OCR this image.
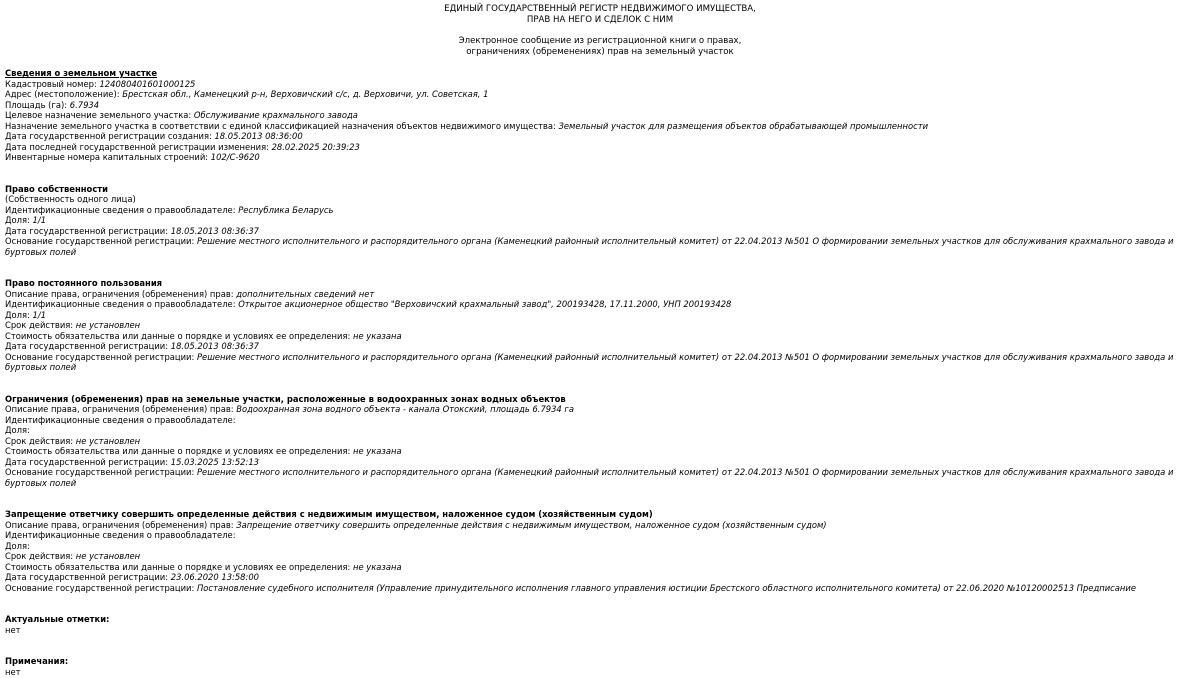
ЕДИНЫЙ ГОСУДАРСТВЕННЫЙ РЕГИСТР НЕДВИЖИМОГО ИМУЩЕСТВА,
ПРАВ НА НЕГО И СДЕЛОК С НИМ
Электронное сообщение из регистрационной книги о правах,
ограничениях (обременениях) прав на земельный участок
Сведения о земельном участке
Кадастровый номер: 124080401601000125
Адрес (местоположение): Брестская обл., Каменецкий р-н, Верховичский с/с, д. Верховичи, ул. Советская, 1
Площадь (га): 6.7934
Целевое назначение земельного участка: Обслуживание крахмального завода
Назначение земельного участка в соответствии с единой классификацией назначения объектов недвижимого имущества: Земельный участок для размещения объектов обрабатывающей промышленности
Дата государственной регистрации создания: 18.05.2013 08:36:00
Дата последней государственной регистрации изменения: 28.02.2025 20:39:23
Инвентарные номера капитальных строений: 102/С-9620
Право собственности
(Собственность одного лица)
Идентификационные сведения о правообладателе: Республика Беларусь
Доля: 1/1
Дата государственной регистрации: 18.05.2013 08:36:37
Основание государственной регистрации: Решение местного исполнительного и распорядительного органа (Каменецкий районный исполнительный комитет) от 22.04.2013 №501 О формировании земельных участков для обслуживания крахмального завода и буртовых полей
Право постоянного пользования
Описание права, ограничения (обременения) прав: дополнительных сведений нет
Идентификационные сведения о правообладателе: Открытое акционерное общество "Верховичский крахмальный завод", 200193428, 17.11.2000, УНП 200193428
Доля: 1/1
Срок действия: не установлен
Стоимость обязательства или данные о порядке и условиях ее определения: не указана
Дата государственной регистрации: 18.05.2013 08:36:37
Основание государственной регистрации: Решение местного исполнительного и распорядительного органа (Каменецкий районный исполнительный комитет) от 22.04.2013 №501 О формировании земельных участков для обслуживания крахмального завода и буртовых полей
Ограничения (обременения) прав на земельные участки, расположенные в водоохранных зонах водных объектов
Описание права, ограничения (обременения) прав: Водоохранная зона водного объекта - канала Отокский, площадь 6.7934 га
Идентификационные сведения о правообладателе:
Доля:
Срок действия: не установлен
Стоимость обязательства или данные о порядке и условиях ее определения: не указана
Дата государственной регистрации: 15.03.2025 13:52:13
Основание государственной регистрации: Решение местного исполнительного и распорядительного органа (Каменецкий районный исполнительный комитет) от 22.04.2013 №501 О формировании земельных участков для обслуживания крахмального завода и буртовых полей
Запрещение ответчику совершить определенные действия с недвижимым имуществом, наложенное судом (хозяйственным судом)
Описание права, ограничения (обременения) прав: Запрещение ответчику совершить определенные действия с недвижимым имуществом, наложенное судом (хозяйственным судом)
Идентификационные сведения о правообладателе:
Доля:
Срок действия: не установлен
Стоимость обязательства или данные о порядке и условиях ее определения: не указана
Дата государственной регистрации: 23.06.2020 13:58:00
Основание государственной регистрации: Постановление судебного исполнителя (Управление принудительного исполнения главного управления юстиции Брестского областного исполнительного комитета) от 22.06.2020 №10120002513 Предписание
Актуальные отметки:
нет
Примечания:
нет
